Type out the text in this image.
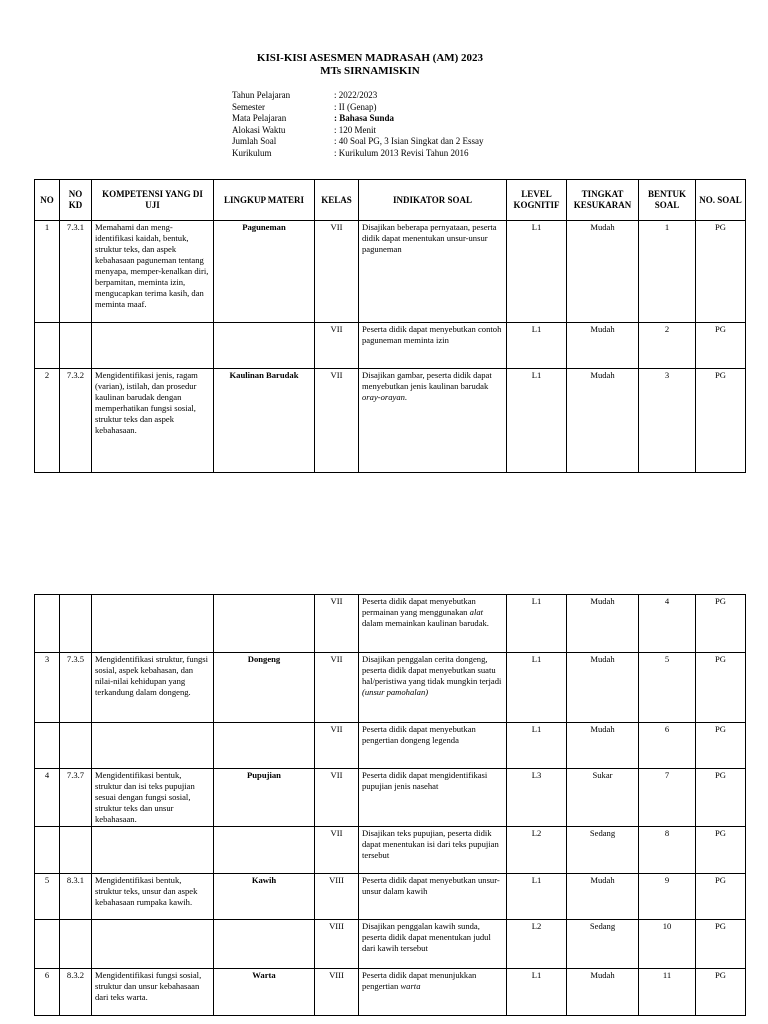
KISI-KISI ASESMEN MADRASAH (AM) 2023
MTs SIRNAMISKIN
Tahun Pelajaran	: 2022/2023
Semester	: II (Genap)
Mata Pelajaran	: Bahasa Sunda
Alokasi Waktu	: 120 Menit
Jumlah Soal	: 40 Soal PG, 3 Isian Singkat dan 2 Essay
Kurikulum	: Kurikulum 2013 Revisi Tahun 2016
NO	NO KD	KOMPETENSI YANG DI UJI	LINGKUP MATERI	KELAS	INDIKATOR SOAL	LEVEL KOGNITIF	TINGKAT KESUKARAN	BENTUK SOAL	NO. SOAL
1	7.3.1	Memahami dan meng-identifikasi kaidah, bentuk, struktur teks, dan aspek kebahasaan paguneman tentang menyapa, memper-kenalkan diri, berpamitan, meminta izin, mengucapkan terima kasih, dan meminta maaf.	Paguneman	VII	Disajikan beberapa pernyataan, peserta didik dapat menentukan unsur-unsur paguneman	L1	Mudah	1	PG
				VII	Peserta didik dapat menyebutkan contoh paguneman meminta izin	L1	Mudah	2	PG
2	7.3.2	Mengidentifikasi jenis, ragam (varian), istilah, dan prosedur kaulinan barudak dengan memperhatikan fungsi sosial, struktur teks dan aspek kebahasaan.	Kaulinan Barudak	VII	Disajikan gambar, peserta didik dapat menyebutkan jenis kaulinan barudak oray-orayan.	L1	Mudah	3	PG
				VII	Peserta didik dapat menyebutkan permainan yang menggunakan alat dalam memainkan kaulinan barudak.	L1	Mudah	4	PG
3	7.3.5	Mengidentifikasi struktur, fungsi sosial, aspek kebahasan, dan nilai-nilai kehidupan yang terkandung dalam dongeng.	Dongeng	VII	Disajikan penggalan cerita dongeng, peserta didik dapat menyebutkan suatu hal/peristiwa yang tidak mungkin terjadi (unsur pamohalan)	L1	Mudah	5	PG
				VII	Peserta didik dapat menyebutkan pengertian dongeng legenda	L1	Mudah	6	PG
4	7.3.7	Mengidentifikasi bentuk, struktur dan isi teks pupujian sesuai dengan fungsi sosial, struktur teks dan unsur kebahasaan.	Pupujian	VII	Peserta didik dapat mengidentifikasi pupujian jenis nasehat	L3	Sukar	7	PG
				VII	Disajikan teks pupujian, peserta didik dapat menentukan isi dari teks pupujian tersebut	L2	Sedang	8	PG
5	8.3.1	Mengidentifikasi bentuk, struktur teks, unsur dan aspek kebahasaan rumpaka kawih.	Kawih	VIII	Peserta didik dapat menyebutkan unsur-unsur dalam kawih	L1	Mudah	9	PG
				VIII	Disajikan penggalan kawih sunda, peserta didik dapat menentukan judul dari kawih tersebut	L2	Sedang	10	PG
6	8.3.2	Mengidentifikasi fungsi sosial, struktur dan unsur kebahasaan dari teks warta.	Warta	VIII	Peserta didik dapat menunjukkan pengertian warta	L1	Mudah	11	PG
